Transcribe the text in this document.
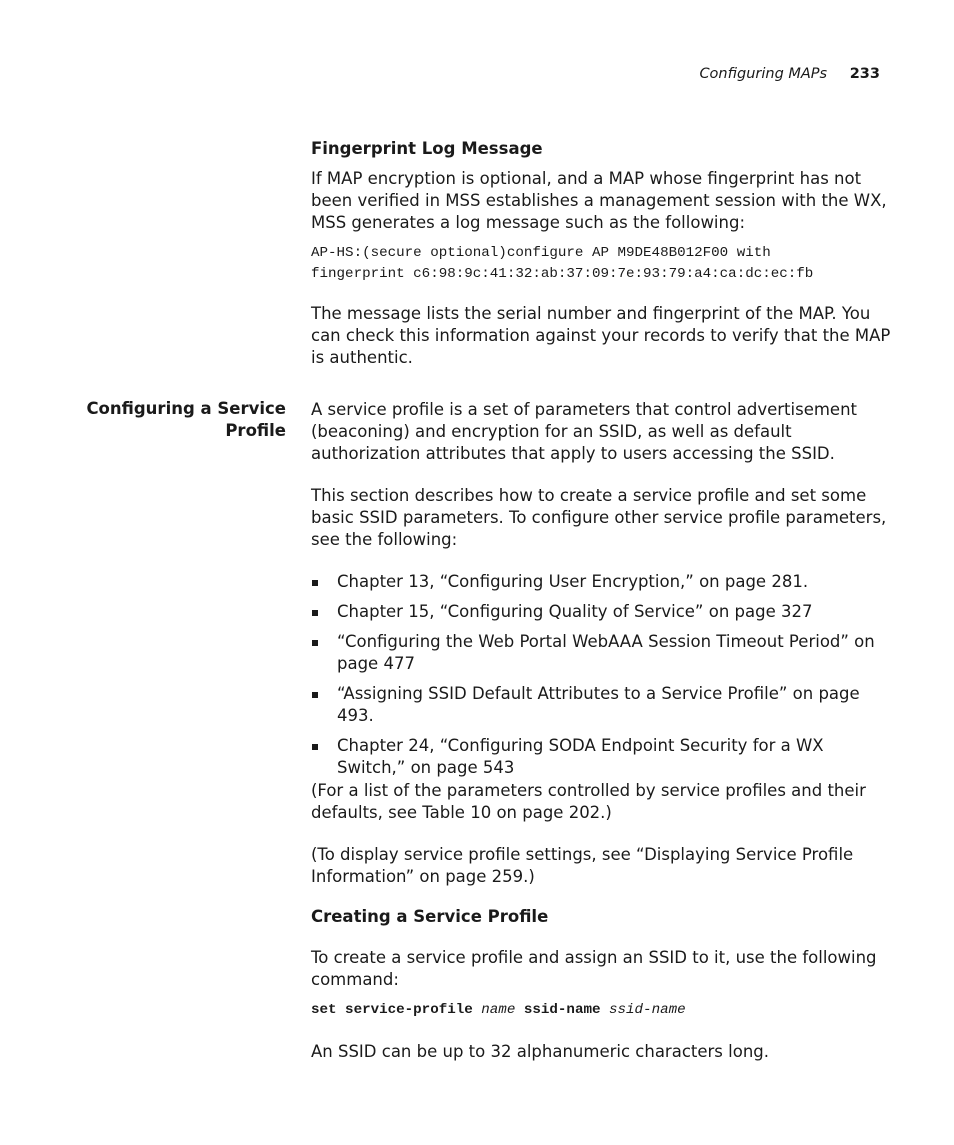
Configuring MAPs 233

Fingerprint Log Message

If MAP encryption is optional, and a MAP whose fingerprint has not been verified in MSS establishes a management session with the WX, MSS generates a log message such as the following:

AP-HS:(secure optional)configure AP M9DE48B012F00 with

fingerprint c6:98:9c:41:32:ab:37:09:7e:93:79:a4:ca:dc:ec:fb

The message lists the serial number and fingerprint of the MAP. You can check this information against your records to verify that the MAP is authentic.

Configuring a Service
Profile

A service profile is a set of parameters that control advertisement (beaconing) and encryption for an SSID, as well as default authorization attributes that apply to users accessing the SSID.

This section describes how to create a service profile and set some basic SSID parameters. To configure other service profile parameters, see the following:

Chapter 13, “Configuring User Encryption,” on page 281.
Chapter 15, “Configuring Quality of Service” on page 327
“Configuring the Web Portal WebAAA Session Timeout Period” on page 477
“Assigning SSID Default Attributes to a Service Profile” on page 493.
Chapter 24, “Configuring SODA Endpoint Security for a WX Switch,” on page 543

(For a list of the parameters controlled by service profiles and their defaults, see Table 10 on page 202.)

(To display service profile settings, see “Displaying Service Profile Information” on page 259.)

Creating a Service Profile

To create a service profile and assign an SSID to it, use the following command:

set service-profile name ssid-name ssid-name

An SSID can be up to 32 alphanumeric characters long.
